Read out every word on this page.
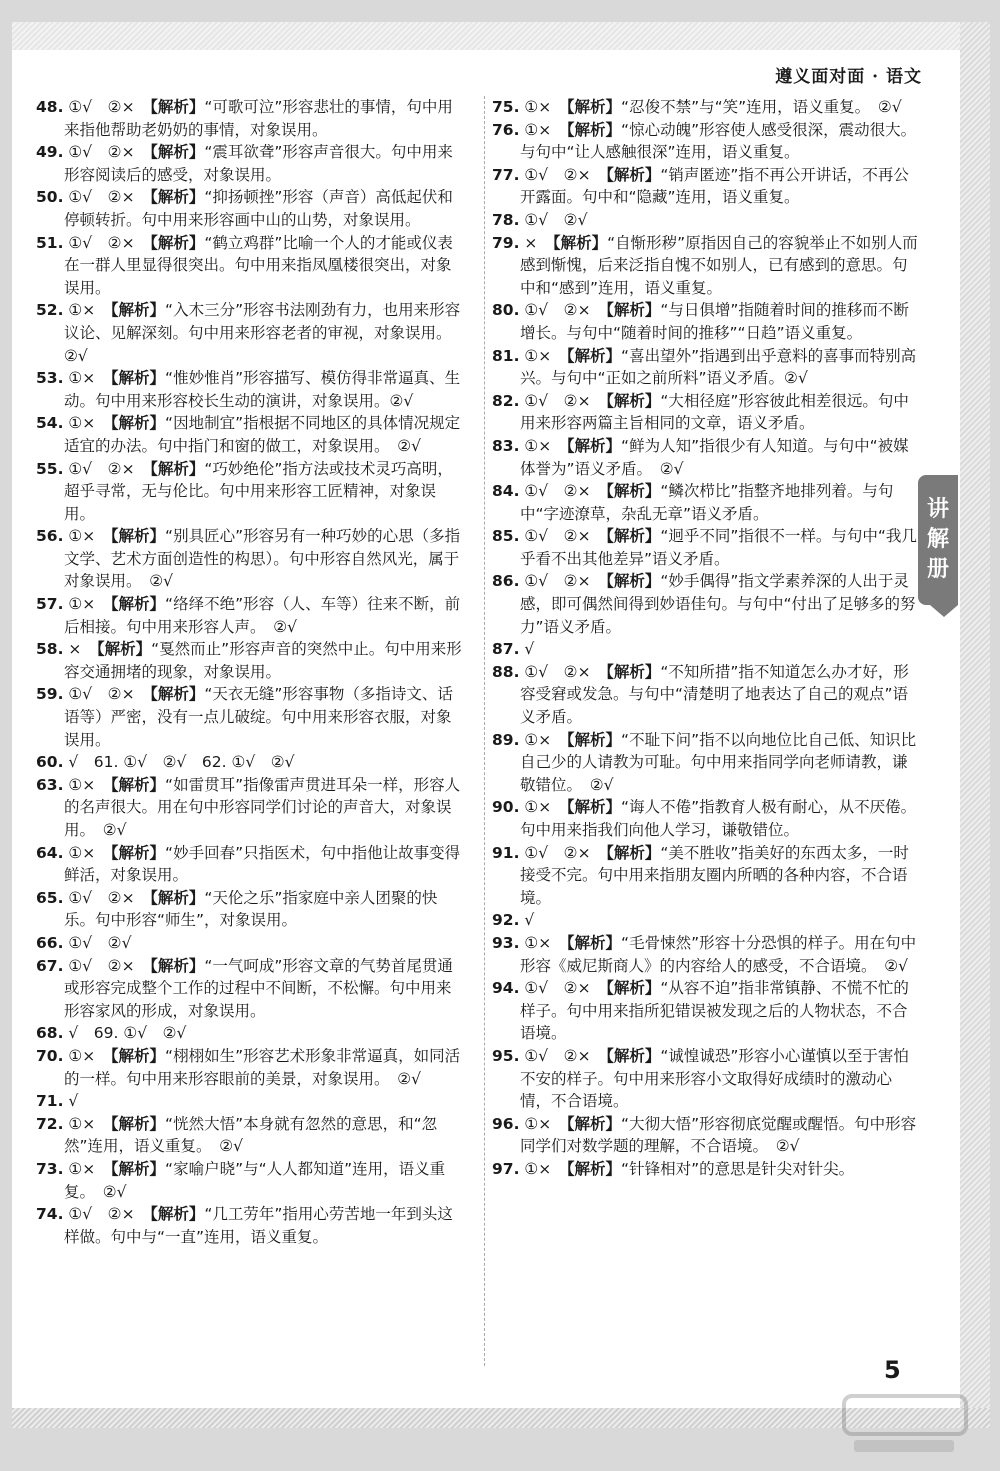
遵义面对面 · 语文

48. ①√　②×　【解析】“可歌可泣”形容悲壮的事情，句中用来指他帮助老奶奶的事情，对象误用。

49. ①√　②×　【解析】“震耳欲聋”形容声音很大。句中用来形容阅读后的感受，对象误用。

50. ①√　②×　【解析】“抑扬顿挫”形容（声音）高低起伏和停顿转折。句中用来形容画中山的山势，对象误用。

51. ①√　②×　【解析】“鹤立鸡群”比喻一个人的才能或仪表在一群人里显得很突出。句中用来指凤凰楼很突出，对象误用。

52. ①×　【解析】“入木三分”形容书法刚劲有力，也用来形容议论、见解深刻。句中用来形容老者的审视，对象误用。　②√

53. ①×　【解析】“惟妙惟肖”形容描写、模仿得非常逼真、生动。句中用来形容校长生动的演讲，对象误用。②√

54. ①×　【解析】“因地制宜”指根据不同地区的具体情况规定适宜的办法。句中指门和窗的做工，对象误用。　②√

55. ①√　②×　【解析】“巧妙绝伦”指方法或技术灵巧高明，超乎寻常，无与伦比。句中用来形容工匠精神，对象误用。

56. ①×　【解析】“别具匠心”形容另有一种巧妙的心思（多指文学、艺术方面创造性的构思）。句中形容自然风光，属于对象误用。　②√

57. ①×　【解析】“络绎不绝”形容（人、车等）往来不断，前后相接。句中用来形容人声。　②√

58. ×　【解析】“戛然而止”形容声音的突然中止。句中用来形容交通拥堵的现象，对象误用。

59. ①√　②×　【解析】“天衣无缝”形容事物（多指诗文、话语等）严密，没有一点儿破绽。句中用来形容衣服，对象误用。

60. √　61. ①√　②√　62. ①√　②√

63. ①×　【解析】“如雷贯耳”指像雷声贯进耳朵一样，形容人的名声很大。用在句中形容同学们讨论的声音大，对象误用。　②√

64. ①×　【解析】“妙手回春”只指医术，句中指他让故事变得鲜活，对象误用。

65. ①√　②×　【解析】“天伦之乐”指家庭中亲人团聚的快乐。句中形容“师生”，对象误用。

66. ①√　②√

67. ①√　②×　【解析】“一气呵成”形容文章的气势首尾贯通或形容完成整个工作的过程中不间断，不松懈。句中用来形容家风的形成，对象误用。

68. √　69. ①√　②√

70. ①×　【解析】“栩栩如生”形容艺术形象非常逼真，如同活的一样。句中用来形容眼前的美景，对象误用。　②√

71. √

72. ①×　【解析】“恍然大悟”本身就有忽然的意思，和“忽然”连用，语义重复。　②√

73. ①×　【解析】“家喻户晓”与“人人都知道”连用，语义重复。　②√

74. ①√　②×　【解析】“几工劳年”指用心劳苦地一年到头这样做。句中与“一直”连用，语义重复。

75. ①×　【解析】“忍俊不禁”与“笑”连用，语义重复。　②√

76. ①×　【解析】“惊心动魄”形容使人感受很深，震动很大。与句中“让人感触很深”连用，语义重复。

77. ①√　②×　【解析】“销声匿迹”指不再公开讲话，不再公开露面。句中和“隐藏”连用，语义重复。

78. ①√　②√

79. ×　【解析】“自惭形秽”原指因自己的容貌举止不如别人而感到惭愧，后来泛指自愧不如别人，已有感到的意思。句中和“感到”连用，语义重复。

80. ①√　②×　【解析】“与日俱增”指随着时间的推移而不断增长。与句中“随着时间的推移”“日趋”语义重复。

81. ①×　【解析】“喜出望外”指遇到出乎意料的喜事而特别高兴。与句中“正如之前所料”语义矛盾。②√

82. ①√　②×　【解析】“大相径庭”形容彼此相差很远。句中用来形容两篇主旨相同的文章，语义矛盾。

83. ①×　【解析】“鲜为人知”指很少有人知道。与句中“被媒体誉为”语义矛盾。　②√

84. ①√　②×　【解析】“鳞次栉比”指整齐地排列着。与句中“字迹潦草，杂乱无章”语义矛盾。

85. ①√　②×　【解析】“迥乎不同”指很不一样。与句中“我几乎看不出其他差异”语义矛盾。

86. ①√　②×　【解析】“妙手偶得”指文学素养深的人出于灵感，即可偶然间得到妙语佳句。与句中“付出了足够多的努力”语义矛盾。

87. √

88. ①√　②×　【解析】“不知所措”指不知道怎么办才好，形容受窘或发急。与句中“清楚明了地表达了自己的观点”语义矛盾。

89. ①×　【解析】“不耻下问”指不以向地位比自己低、知识比自己少的人请教为可耻。句中用来指同学向老师请教，谦敬错位。　②√

90. ①×　【解析】“诲人不倦”指教育人极有耐心，从不厌倦。句中用来指我们向他人学习，谦敬错位。

91. ①√　②×　【解析】“美不胜收”指美好的东西太多，一时接受不完。句中用来指朋友圈内所晒的各种内容，不合语境。

92. √

93. ①×　【解析】“毛骨悚然”形容十分恐惧的样子。用在句中形容《威尼斯商人》的内容给人的感受，不合语境。　②√

94. ①√　②×　【解析】“从容不迫”指非常镇静、不慌不忙的样子。句中用来指所犯错误被发现之后的人物状态，不合语境。

95. ①√　②×　【解析】“诚惶诚恐”形容小心谨慎以至于害怕不安的样子。句中用来形容小文取得好成绩时的激动心情，不合语境。

96. ①×　【解析】“大彻大悟”形容彻底觉醒或醒悟。句中形容同学们对数学题的理解，不合语境。　②√

97. ①×　【解析】“针锋相对”的意思是针尖对针尖。

讲
解
册
5
